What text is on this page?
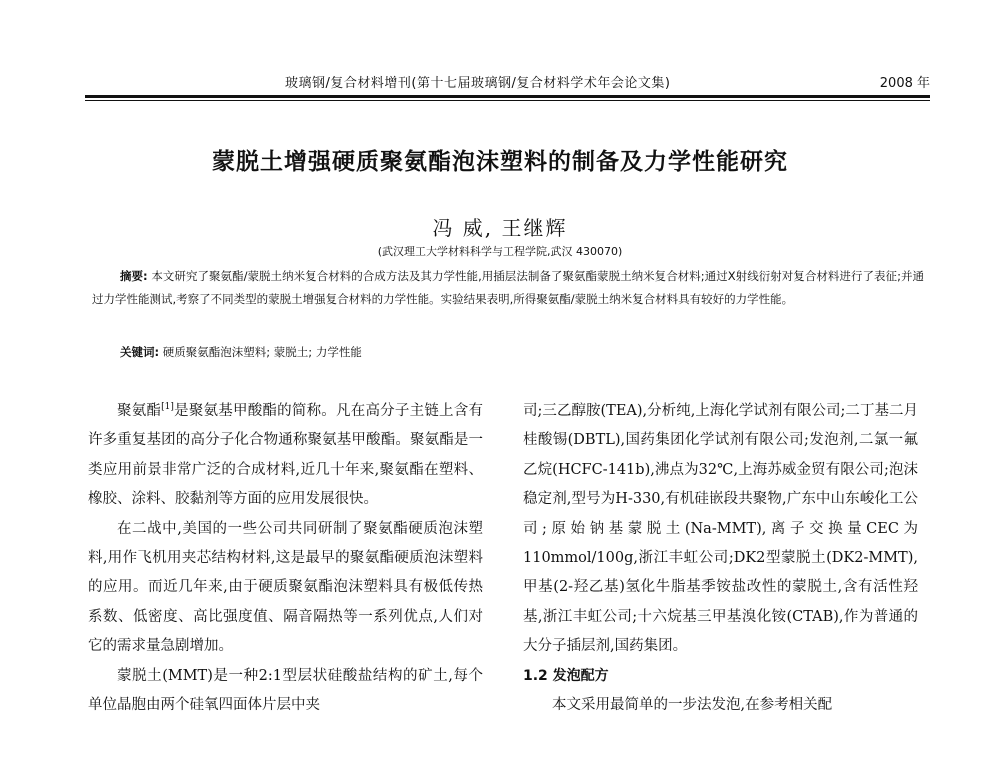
玻璃钢/复合材料增刊(第十七届玻璃钢/复合材料学术年会论文集)	2008 年
蒙脱土增强硬质聚氨酯泡沫塑料的制备及力学性能研究
冯 威, 王继辉
(武汉理工大学材料科学与工程学院,武汉 430070)
摘要: 本文研究了聚氨酯/蒙脱土纳米复合材料的合成方法及其力学性能,用插层法制备了聚氨酯蒙脱土纳米复合材料;通过X射线衍射对复合材料进行了表征;并通过力学性能测试,考察了不同类型的蒙脱土增强复合材料的力学性能。实验结果表明,所得聚氨酯/蒙脱土纳米复合材料具有较好的力学性能。
关键词: 硬质聚氨酯泡沫塑料; 蒙脱土; 力学性能

聚氨酯[1]是聚氨基甲酸酯的简称。凡在高分子主链上含有许多重复基团的高分子化合物通称聚氨基甲酸酯。聚氨酯是一类应用前景非常广泛的合成材料,近几十年来,聚氨酯在塑料、橡胶、涂料、胶黏剂等方面的应用发展很快。

在二战中,美国的一些公司共同研制了聚氨酯硬质泡沫塑料,用作飞机用夹芯结构材料,这是最早的聚氨酯硬质泡沫塑料的应用。而近几年来,由于硬质聚氨酯泡沫塑料具有极低传热系数、低密度、高比强度值、隔音隔热等一系列优点,人们对它的需求量急剧增加。

蒙脱土(MMT)是一种2:1型层状硅酸盐结构的矿土,每个单位晶胞由两个硅氧四面体片层中夹

司;三乙醇胺(TEA),分析纯,上海化学试剂有限公司;二丁基二月桂酸锡(DBTL),国药集团化学试剂有限公司;发泡剂,二氯一氟乙烷(HCFC-141b),沸点为32℃,上海苏威金贸有限公司;泡沫稳定剂,型号为H-330,有机硅嵌段共聚物,广东中山东峻化工公司;原始钠基蒙脱土(Na-MMT),离子交换量CEC为110mmol/100g,浙江丰虹公司;DK2型蒙脱土(DK2-MMT),甲基(2-羟乙基)氢化牛脂基季铵盐改性的蒙脱土,含有活性羟基,浙江丰虹公司;十六烷基三甲基溴化铵(CTAB),作为普通的大分子插层剂,国药集团。

1.2 发泡配方

本文采用最简单的一步法发泡,在参考相关配
